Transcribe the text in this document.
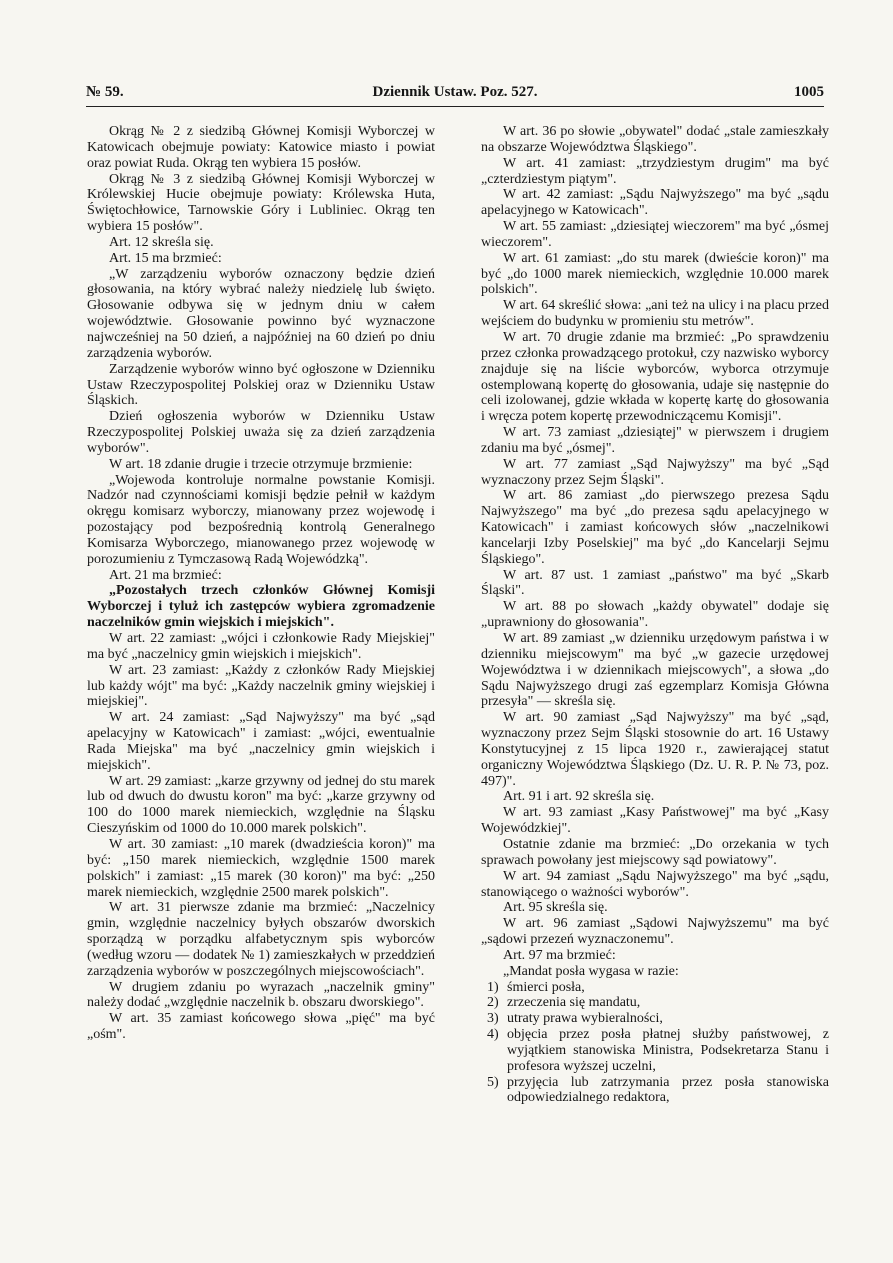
№ 59.	Dziennik Ustaw. Poz. 527.	1005

Okrąg № 2 z siedzibą Głównej Komisji Wyborczej w Katowicach obejmuje powiaty: Katowice miasto i powiat oraz powiat Ruda. Okrąg ten wybiera 15 posłów.

Okrąg № 3 z siedzibą Głównej Komisji Wyborczej w Królewskiej Hucie obejmuje powiaty: Królewska Huta, Świętochłowice, Tarnowskie Góry i Lubliniec. Okrąg ten wybiera 15 posłów".

Art. 12 skreśla się.

Art. 15 ma brzmieć:

„W zarządzeniu wyborów oznaczony będzie dzień głosowania, na który wybrać należy niedzielę lub święto. Głosowanie odbywa się w jednym dniu w całem województwie. Głosowanie powinno być wyznaczone najwcześniej na 50 dzień, a najpóźniej na 60 dzień po dniu zarządzenia wyborów.

Zarządzenie wyborów winno być ogłoszone w Dzienniku Ustaw Rzeczypospolitej Polskiej oraz w Dzienniku Ustaw Śląskich.

Dzień ogłoszenia wyborów w Dzienniku Ustaw Rzeczypospolitej Polskiej uważa się za dzień zarządzenia wyborów".

W art. 18 zdanie drugie i trzecie otrzymuje brzmienie:

„Wojewoda kontroluje normalne powstanie Komisji. Nadzór nad czynnościami komisji będzie pełnił w każdym okręgu komisarz wyborczy, mianowany przez wojewodę i pozostający pod bezpośrednią kontrolą Generalnego Komisarza Wyborczego, mianowanego przez wojewodę w porozumieniu z Tymczasową Radą Wojewódzką".

Art. 21 ma brzmieć:

„Pozostałych trzech członków Głównej Komisji Wyborczej i tyluż ich zastępców wybiera zgromadzenie naczelników gmin wiejskich i miejskich".

W art. 22 zamiast: „wójci i członkowie Rady Miejskiej" ma być „naczelnicy gmin wiejskich i miejskich".

W art. 23 zamiast: „Każdy z członków Rady Miejskiej lub każdy wójt" ma być: „Każdy naczelnik gminy wiejskiej i miejskiej".

W art. 24 zamiast: „Sąd Najwyższy" ma być „sąd apelacyjny w Katowicach" i zamiast: „wójci, ewentualnie Rada Miejska" ma być „naczelnicy gmin wiejskich i miejskich".

W art. 29 zamiast: „karze grzywny od jednej do stu marek lub od dwuch do dwustu koron" ma być: „karze grzywny od 100 do 1000 marek niemieckich, względnie na Śląsku Cieszyńskim od 1000 do 10.000 marek polskich".

W art. 30 zamiast: „10 marek (dwadzieścia koron)" ma być: „150 marek niemieckich, względnie 1500 marek polskich" i zamiast: „15 marek (30 koron)" ma być: „250 marek niemieckich, względnie 2500 marek polskich".

W art. 31 pierwsze zdanie ma brzmieć: „Naczelnicy gmin, względnie naczelnicy byłych obszarów dworskich sporządzą w porządku alfabetycznym spis wyborców (według wzoru — dodatek № 1) zamieszkałych w przeddzień zarządzenia wyborów w poszczególnych miejscowościach".

W drugiem zdaniu po wyrazach „naczelnik gminy" należy dodać „względnie naczelnik b. obszaru dworskiego".

W art. 35 zamiast końcowego słowa „pięć" ma być „ośm".

W art. 36 po słowie „obywatel" dodać „stale zamieszkały na obszarze Województwa Śląskiego".

W art. 41 zamiast: „trzydziestym drugim" ma być „czterdziestym piątym".

W art. 42 zamiast: „Sądu Najwyższego" ma być „sądu apelacyjnego w Katowicach".

W art. 55 zamiast: „dziesiątej wieczorem" ma być „ósmej wieczorem".

W art. 61 zamiast: „do stu marek (dwieście koron)" ma być „do 1000 marek niemieckich, względnie 10.000 marek polskich".

W art. 64 skreślić słowa: „ani też na ulicy i na placu przed wejściem do budynku w promieniu stu metrów".

W art. 70 drugie zdanie ma brzmieć: „Po sprawdzeniu przez członka prowadzącego protokuł, czy nazwisko wyborcy znajduje się na liście wyborców, wyborca otrzymuje ostemplowaną kopertę do głosowania, udaje się następnie do celi izolowanej, gdzie wkłada w kopertę kartę do głosowania i wręcza potem kopertę przewodniczącemu Komisji".

W art. 73 zamiast „dziesiątej" w pierwszem i drugiem zdaniu ma być „ósmej".

W art. 77 zamiast „Sąd Najwyższy" ma być „Sąd wyznaczony przez Sejm Śląski".

W art. 86 zamiast „do pierwszego prezesa Sądu Najwyższego" ma być „do prezesa sądu apelacyjnego w Katowicach" i zamiast końcowych słów „naczelnikowi kancelarji Izby Poselskiej" ma być „do Kancelarji Sejmu Śląskiego".

W art. 87 ust. 1 zamiast „państwo" ma być „Skarb Śląski".

W art. 88 po słowach „każdy obywatel" dodaje się „uprawniony do głosowania".

W art. 89 zamiast „w dzienniku urzędowym państwa i w dzienniku miejscowym" ma być „w gazecie urzędowej Województwa i w dziennikach miejscowych", a słowa „do Sądu Najwyższego drugi zaś egzemplarz Komisja Główna przesyła" — skreśla się.

W art. 90 zamiast „Sąd Najwyższy" ma być „sąd, wyznaczony przez Sejm Śląski stosownie do art. 16 Ustawy Konstytucyjnej z 15 lipca 1920 r., zawierającej statut organiczny Województwa Śląskiego (Dz. U. R. P. № 73, poz. 497)".

Art. 91 i art. 92 skreśla się.

W art. 93 zamiast „Kasy Państwowej" ma być „Kasy Wojewódzkiej".

Ostatnie zdanie ma brzmieć: „Do orzekania w tych sprawach powołany jest miejscowy sąd powiatowy".

W art. 94 zamiast „Sądu Najwyższego" ma być „sądu, stanowiącego o ważności wyborów".

Art. 95 skreśla się.

W art. 96 zamiast „Sądowi Najwyższemu" ma być „sądowi przezeń wyznaczonemu".

Art. 97 ma brzmieć:

„Mandat posła wygasa w razie:

1) śmierci posła,
2) zrzeczenia się mandatu,
3) utraty prawa wybieralności,
4) objęcia przez posła płatnej służby państwowej, z wyjątkiem stanowiska Ministra, Podsekretarza Stanu i profesora wyższej uczelni,
5) przyjęcia lub zatrzymania przez posła stanowiska odpowiedzialnego redaktora,
